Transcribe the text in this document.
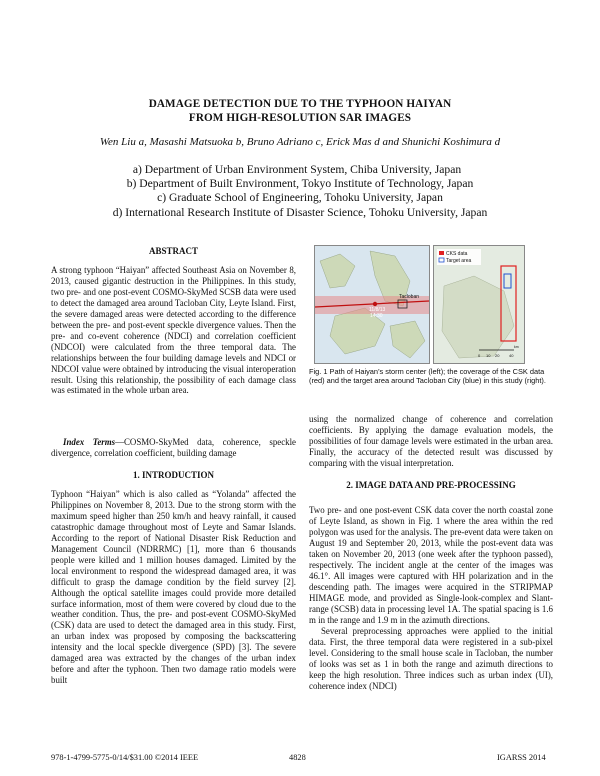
DAMAGE DETECTION DUE TO THE TYPHOON HAIYAN
FROM HIGH-RESOLUTION SAR IMAGES
Wen Liu a, Masashi Matsuoka b, Bruno Adriano c, Erick Mas d and Shunichi Koshimura d
a) Department of Urban Environment System, Chiba University, Japan
b) Department of Built Environment, Tokyo Institute of Technology, Japan
c) Graduate School of Engineering, Tohoku University, Japan
d) International Research Institute of Disaster Science, Tohoku University, Japan
ABSTRACT

A strong typhoon “Haiyan” affected Southeast Asia on November 8, 2013, caused gigantic destruction in the Philippines. In this study, two pre- and one post-event COSMO-SkyMed SCSB data were used to detect the damaged area around Tacloban City, Leyte Island. First, the severe damaged areas were detected according to the difference between the pre- and post-event speckle divergence values. Then the pre- and co-event coherence (NDCI) and correlation coefficient (NDCOI) were calculated from the three temporal data. The relationships between the four building damage levels and NDCI or NDCOI value were obtained by introducing the visual interoperation result. Using this relationship, the possibility of each damage class was estimated in the whole urban area.

Index Terms—COSMO-SkyMed data, coherence, speckle divergence, correlation coefficient, building damage

1. INTRODUCTION

Typhoon “Haiyan” which is also called as “Yolanda” affected the Philippines on November 8, 2013. Due to the strong storm with the maximum speed higher than 250 km/h and heavy rainfall, it caused catastrophic damage throughout most of Leyte and Samar Islands. According to the report of National Disaster Risk Reduction and Management Council (NDRRMC) [1], more than 6 thousands people were killed and 1 million houses damaged. Limited by the local environment to respond the widespread damaged area, it was difficult to grasp the damage condition by the field survey [2]. Although the optical satellite images could provide more detailed surface information, most of them were covered by cloud due to the weather condition. Thus, the pre- and post-event COSMO-SkyMed (CSK) data are used to detect the damaged area in this study. First, an urban index was proposed by composing the backscattering intensity and the local speckle divergence (SPD) [3]. The severe damaged area was extracted by the changes of the urban index before and after the typhoon. Then two damage ratio models were built

11/8/13
14:30
Tacloban
CKS data
Target area
0 10 20 40
km
Fig. 1 Path of Haiyan’s storm center (left); the coverage of the CSK data (red) and the target area around Tacloban City (blue) in this study (right).

using the normalized change of coherence and correlation coefficients. By applying the damage evaluation models, the possibilities of four damage levels were estimated in the urban area. Finally, the accuracy of the detected result was discussed by comparing with the visual interpretation.

2. IMAGE DATA AND PRE-PROCESSING

Two pre- and one post-event CSK data cover the north coastal zone of Leyte Island, as shown in Fig. 1 where the area within the red polygon was used for the analysis. The pre-event data were taken on August 19 and September 20, 2013, while the post-event data was taken on November 20, 2013 (one week after the typhoon passed), respectively. The incident angle at the center of the images was 46.1°. All images were captured with HH polarization and in the descending path. The images were acquired in the STRIPMAP HIMAGE mode, and provided as Single-look-complex and Slant-range (SCSB) data in processing level 1A. The spatial spacing is 1.6 m in the range and 1.9 m in the azimuth directions.

Several preprocessing approaches were applied to the initial data. First, the three temporal data were registered in a sub-pixel level. Considering to the small house scale in Tacloban, the number of looks was set as 1 in both the range and azimuth directions to keep the high resolution. Three indices such as urban index (UI), coherence index (NDCI)

978-1-4799-5775-0/14/$31.00 ©2014 IEEE	4828	IGARSS 2014
